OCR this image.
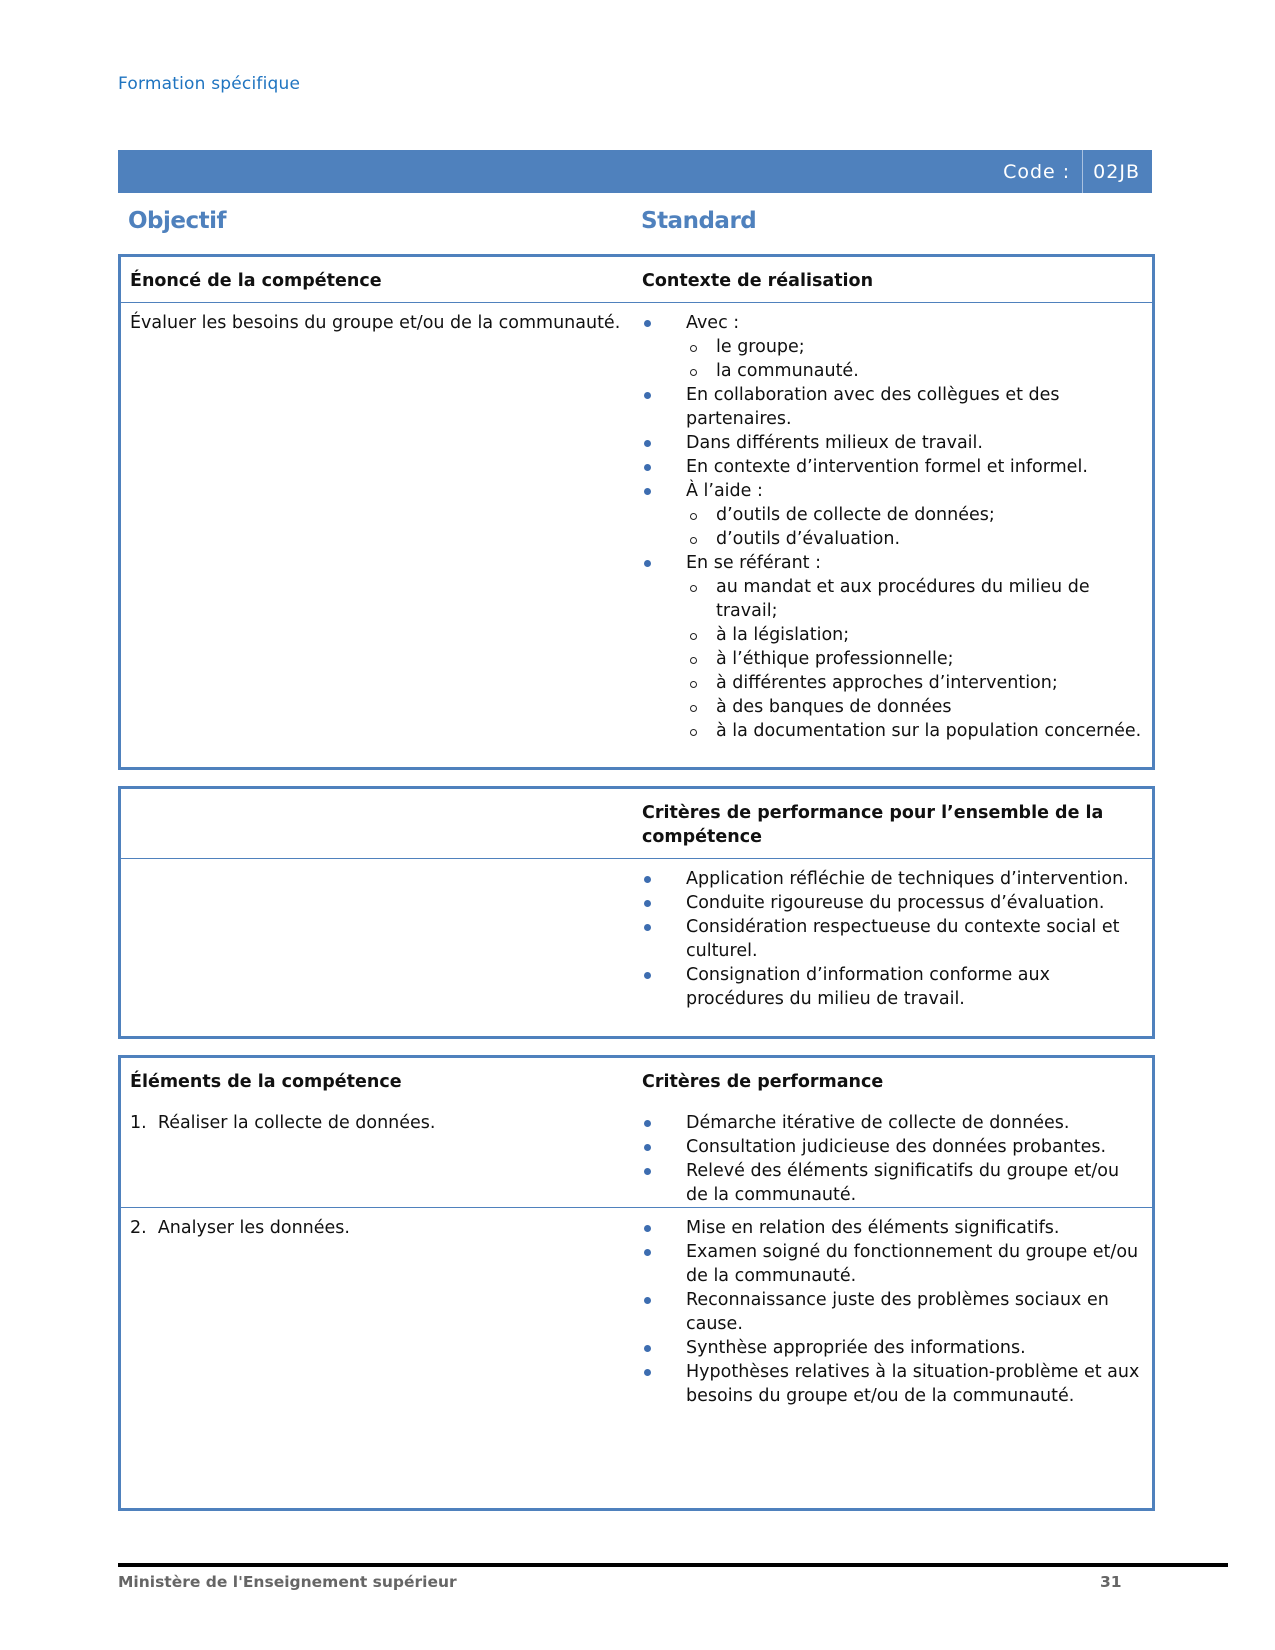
Formation spécifique
Code :	02JB
Objectif	Standard
Énoncé de la compétence	Contexte de réalisation
Évaluer les besoins du groupe et/ou de la communauté.	Avec :
le groupe;
la communauté.
En collaboration avec des collègues et des partenaires.
Dans différents milieux de travail.
En contexte d’intervention formel et informel.
À l’aide :
d’outils de collecte de données;
d’outils d’évaluation.
En se référant :
au mandat et aux procédures du milieu de travail;
à la législation;
à l’éthique professionnelle;
à différentes approches d’intervention;
à des banques de données
à la documentation sur la population concernée.
Critères de performance pour l’ensemble de la compétence
Application réfléchie de techniques d’intervention.
Conduite rigoureuse du processus d’évaluation.
Considération respectueuse du contexte social et culturel.
Consignation d’information conforme aux procédures du milieu de travail.
Éléments de la compétence	Critères de performance
1.  Réaliser la collecte de données.	Démarche itérative de collecte de données.
Consultation judicieuse des données probantes.
Relevé des éléments significatifs du groupe et/ou de la communauté.
2.  Analyser les données.	Mise en relation des éléments significatifs.
Examen soigné du fonctionnement du groupe et/ou de la communauté.
Reconnaissance juste des problèmes sociaux en cause.
Synthèse appropriée des informations.
Hypothèses relatives à la situation-problème et aux besoins du groupe et/ou de la communauté.
Ministère de l'Enseignement supérieur	31
